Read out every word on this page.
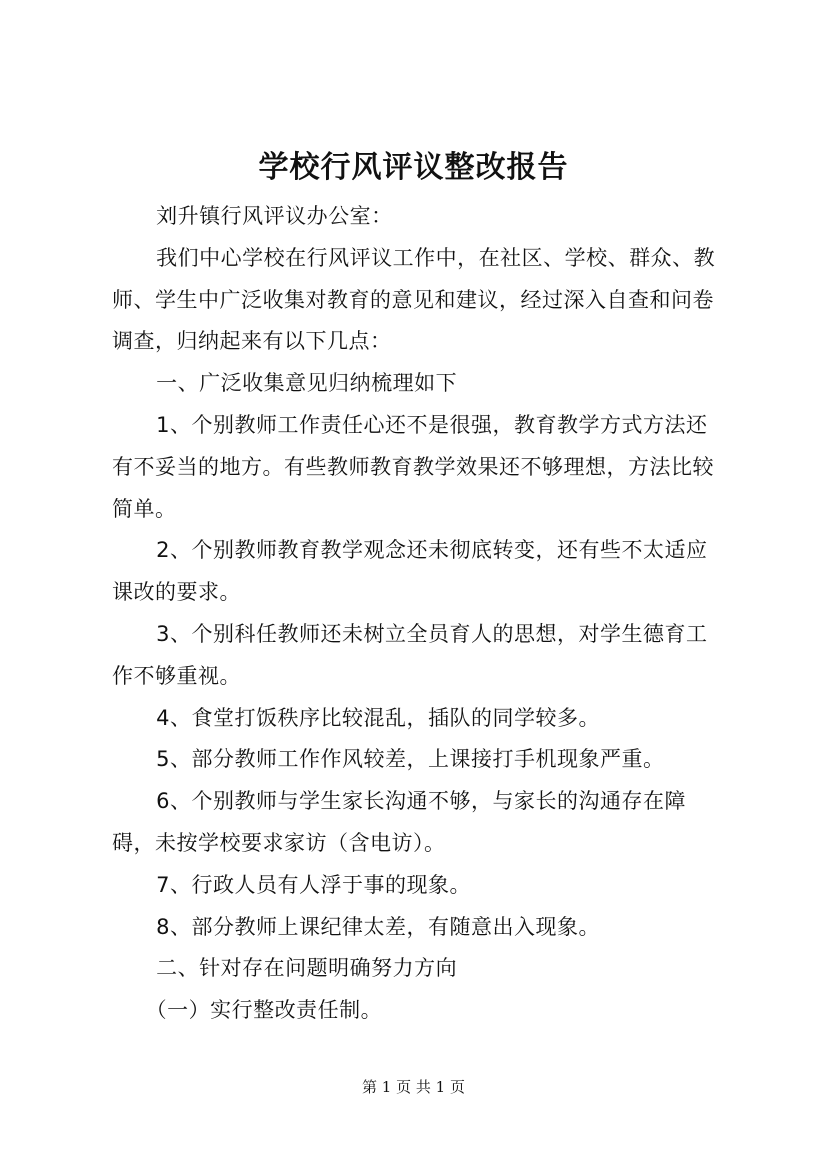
学校行风评议整改报告

刘升镇行风评议办公室：

我们中心学校在行风评议工作中，在社区、学校、群众、教师、学生中广泛收集对教育的意见和建议，经过深入自查和问卷调查，归纳起来有以下几点：

一、广泛收集意见归纳梳理如下

1、个别教师工作责任心还不是很强，教育教学方式方法还有不妥当的地方。有些教师教育教学效果还不够理想，方法比较简单。

2、个别教师教育教学观念还未彻底转变，还有些不太适应课改的要求。

3、个别科任教师还未树立全员育人的思想，对学生德育工作不够重视。

4、食堂打饭秩序比较混乱，插队的同学较多。

5、部分教师工作作风较差，上课接打手机现象严重。

6、个别教师与学生家长沟通不够，与家长的沟通存在障碍，未按学校要求家访（含电访）。

7、行政人员有人浮于事的现象。

8、部分教师上课纪律太差，有随意出入现象。

二、针对存在问题明确努力方向

（一）实行整改责任制。

第 1 页 共 1 页
